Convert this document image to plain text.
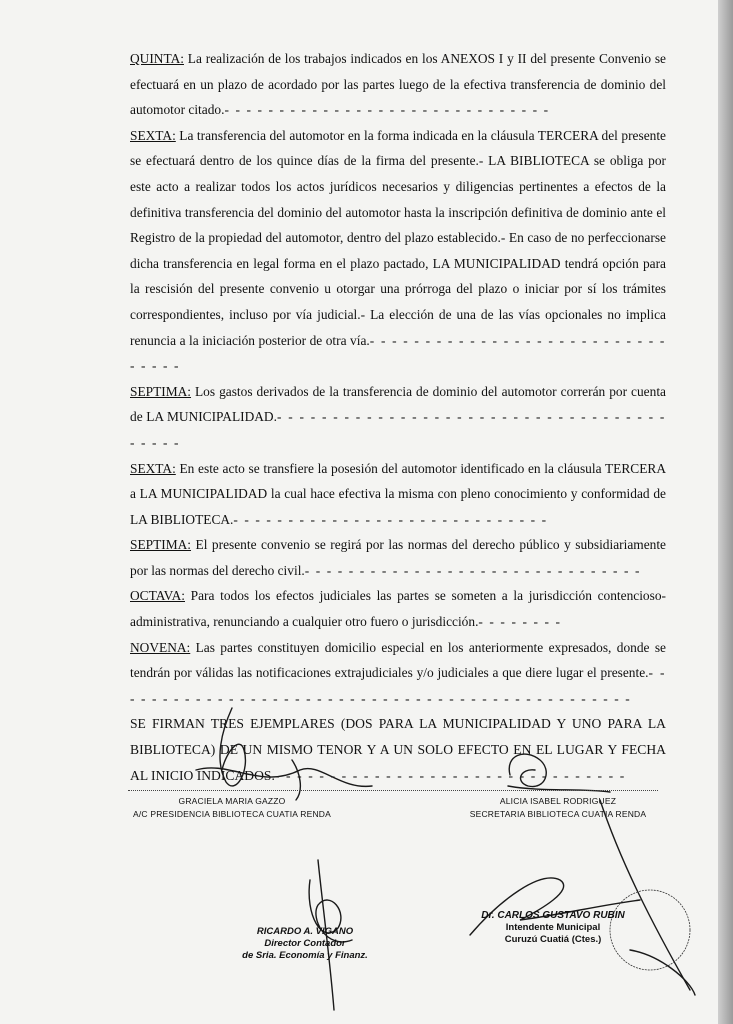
QUINTA: La realización de los trabajos indicados en los ANEXOS I y II del presente Convenio se efectuará en un plazo de acordado por las partes luego de la efectiva transferencia de dominio del automotor citado.- - - - - - - - - - - - - - - - - - - - - - - - - - - - - -

SEXTA: La transferencia del automotor en la forma indicada en la cláusula TERCERA del presente se efectuará dentro de los quince días de la firma del presente.- LA BIBLIOTECA se obliga por este acto a realizar todos los actos jurídicos necesarios y diligencias pertinentes a efectos de la definitiva transferencia del dominio del automotor hasta la inscripción definitiva de dominio ante el Registro de la propiedad del automotor, dentro del plazo establecido.- En caso de no perfeccionarse dicha transferencia en legal forma en el plazo pactado, LA MUNICIPALIDAD tendrá opción para la rescisión del presente convenio u otorgar una prórroga del plazo o iniciar por sí los trámites correspondientes, incluso por vía judicial.- La elección de una de las vías opcionales no implica renuncia a la iniciación posterior de otra vía.- - - - - - - - - - - - - - - - - - - - - - - - - - - - - - - -

SEPTIMA: Los gastos derivados de la transferencia de dominio del automotor correrán por cuenta de LA MUNICIPALIDAD.- - - - - - - - - - - - - - - - - - - - - - - - - - - - - - - - - - - - - - - -

SEXTA: En este acto se transfiere la posesión del automotor identificado en la cláusula TERCERA a LA MUNICIPALIDAD la cual hace efectiva la misma con pleno conocimiento y conformidad de LA BIBLIOTECA.- - - - - - - - - - - - - - - - - - - - - - - - - - - - -

SEPTIMA: El presente convenio se regirá por las normas del derecho público y subsidiariamente por las normas del derecho civil.- - - - - - - - - - - - - - - - - - - - - - - - - - - - - - -

OCTAVA: Para todos los efectos judiciales las partes se someten a la jurisdicción contencioso-administrativa, renunciando a cualquier otro fuero o jurisdicción.- - - - - - - -

NOVENA: Las partes constituyen domicilio especial en los anteriormente expresados, donde se tendrán por válidas las notificaciones extrajudiciales y/o judiciales a que diere lugar el presente.- - - - - - - - - - - - - - - - - - - - - - - - - - - - - - - - - - - - - - - - - - - - - - - -

SE FIRMAN TRES EJEMPLARES (DOS PARA LA MUNICIPALIDAD Y UNO PARA LA BIBLIOTECA) DE UN MISMO TENOR Y A UN SOLO EFECTO EN EL LUGAR Y FECHA AL INICIO INDICADOS.- - - - - - - - - - - - - - - - - - - - - - - - - - - - - - - -

GRACIELA MARIA GAZZO
A/C PRESIDENCIA BIBLIOTECA CUATIA RENDA
ALICIA ISABEL RODRIGUEZ
SECRETARIA BIBLIOTECA CUATIA RENDA
RICARDO A. VIGANO
Director Contador
de Sria. Economía y Finanz.
Dr. CARLOS GUSTAVO RUBIN
Intendente Municipal
Curuzú Cuatiá (Ctes.)
